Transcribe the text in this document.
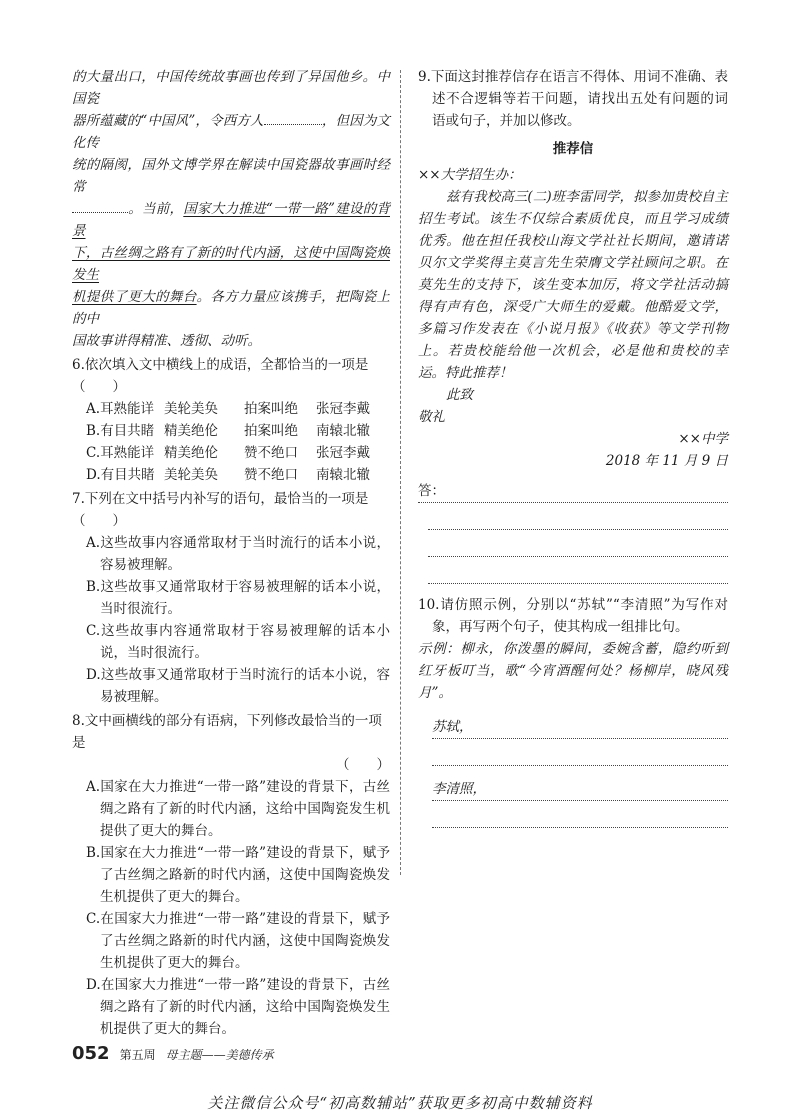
的大量出口，中国传统故事画也传到了异国他乡。中国瓷

器所蕴藏的“中国风”，令西方人	，但因为文化传

统的隔阂，国外文博学界在解读中国瓷器故事画时经常

。当前，国家大力推进“一带一路”建设的背景

下，古丝绸之路有了新的时代内涵，这使中国陶瓷焕发生

机提供了更大的舞台。各方力量应该携手，把陶瓷上的中

国故事讲得精准、透彻、动听。

6.依次填入文中横线上的成语，全都恰当的一项是（　　）

A.耳熟能详 美轮美奂	拍案叫绝	张冠李戴
B.有目共睹 精美绝伦	拍案叫绝	南辕北辙
C.耳熟能详 精美绝伦	赞不绝口	张冠李戴
D.有目共睹 美轮美奂	赞不绝口	南辕北辙

7.下列在文中括号内补写的语句，最恰当的一项是（　　）

A.这些故事内容通常取材于当时流行的话本小说，容易被理解。

B.这些故事又通常取材于容易被理解的话本小说，当时很流行。

C.这些故事内容通常取材于容易被理解的话本小说，当时很流行。

D.这些故事又通常取材于当时流行的话本小说，容易被理解。

8.文中画横线的部分有语病，下列修改最恰当的一项是

（　　）

A.国家在大力推进“一带一路”建设的背景下，古丝绸之路有了新的时代内涵，这给中国陶瓷发生机提供了更大的舞台。

B.国家在大力推进“一带一路”建设的背景下，赋予了古丝绸之路新的时代内涵，这使中国陶瓷焕发生机提供了更大的舞台。

C.在国家大力推进“一带一路”建设的背景下，赋予了古丝绸之路新的时代内涵，这使中国陶瓷焕发生机提供了更大的舞台。

D.在国家大力推进“一带一路”建设的背景下，古丝绸之路有了新的时代内涵，这给中国陶瓷焕发生机提供了更大的舞台。

9.下面这封推荐信存在语言不得体、用词不准确、表述不合逻辑等若干问题，请找出五处有问题的词语或句子，并加以修改。

推荐信

××大学招生办：

兹有我校高三(二)班李雷同学，拟参加贵校自主招生考试。该生不仅综合素质优良，而且学习成绩优秀。他在担任我校山海文学社社长期间，邀请诺贝尔文学奖得主莫言先生荣膺文学社顾问之职。在莫先生的支持下，该生变本加厉，将文学社活动搞得有声有色，深受广大师生的爱戴。他酷爱文学，多篇习作发表在《小说月报》《收获》等文学刊物上。若贵校能给他一次机会，必是他和贵校的幸运。特此推荐！

此致

敬礼

××中学

2018 年 11 月 9 日

答：

10.请仿照示例，分别以“苏轼”“李清照”为写作对象，再写两个句子，使其构成一组排比句。

示例：柳永，你泼墨的瞬间，委婉含蓄，隐约听到红牙板叮当，歌“今宵酒醒何处？杨柳岸，晓风残月”。

苏轼，
李清照，
052 第五周 母主题——美德传承
关注微信公众号“初高数辅站”获取更多初高中数辅资料
